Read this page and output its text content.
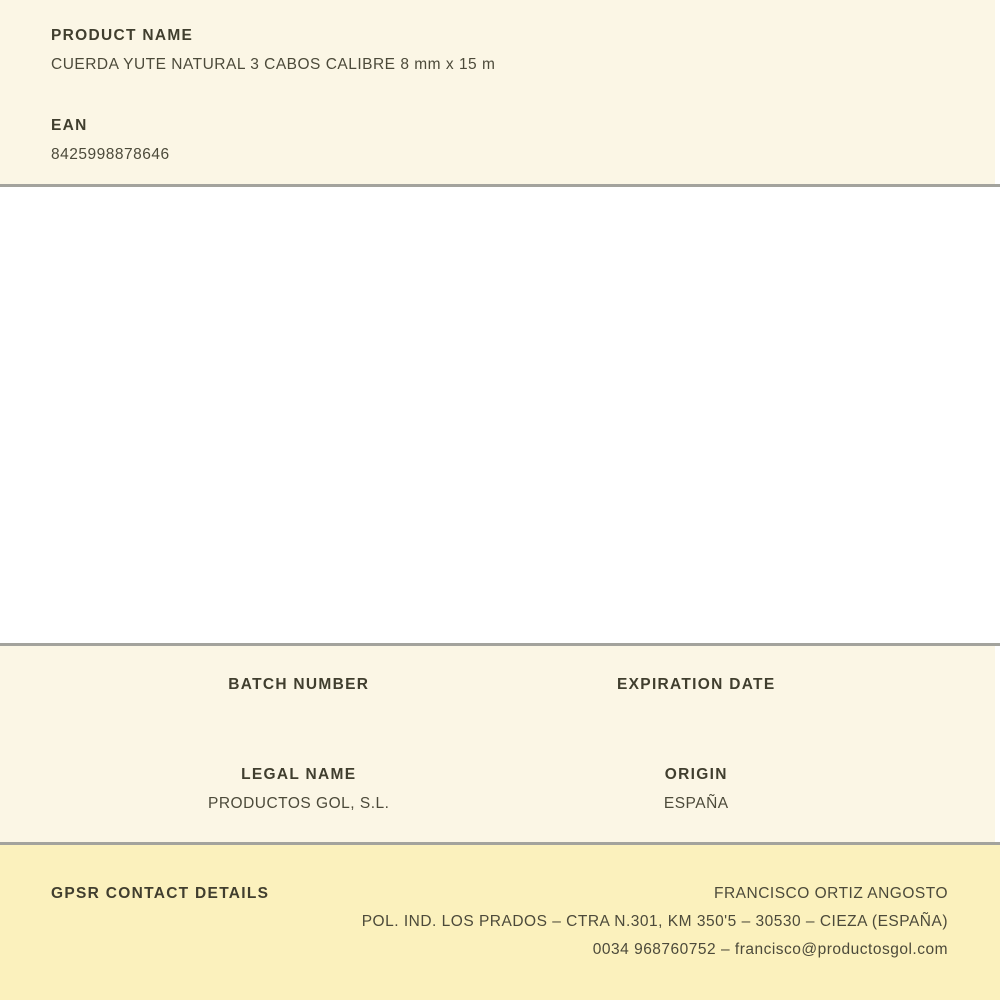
PRODUCT NAME
CUERDA YUTE NATURAL 3 CABOS CALIBRE 8 mm x 15 m
EAN
8425998878646
BATCH NUMBER	EXPIRATION DATE
LEGAL NAME
PRODUCTOS GOL, S.L.
ORIGIN
ESPAÑA
GPSR CONTACT DETAILS	FRANCISCO ORTIZ ANGOSTO
POL. IND. LOS PRADOS – CTRA N.301, KM 350'5 – 30530 – CIEZA (ESPAÑA)
0034 968760752 – francisco@productosgol.com
